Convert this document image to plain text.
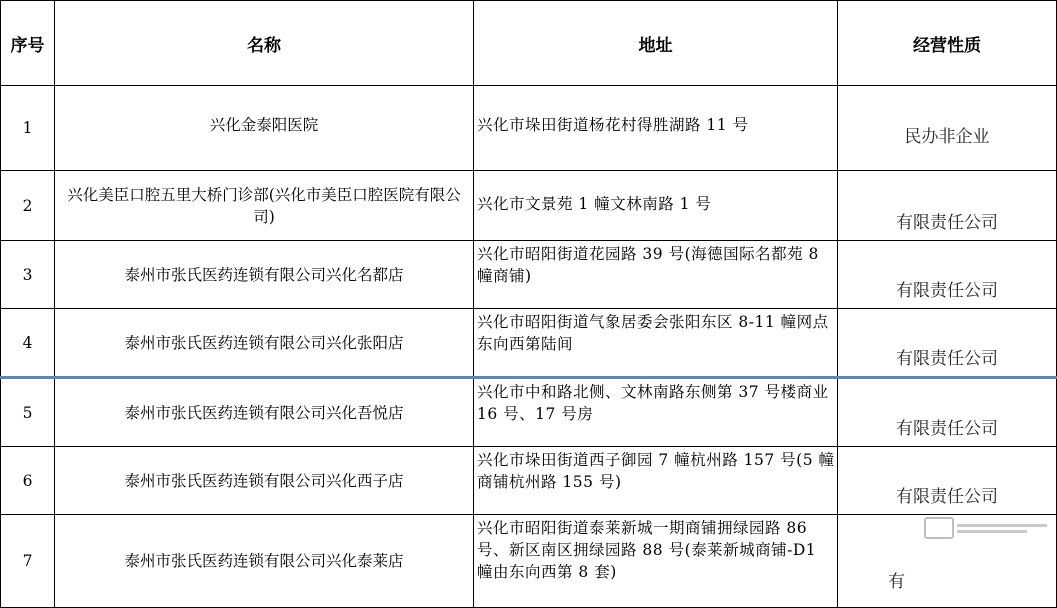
序号	名称	地址	经营性质
1	兴化金泰阳医院	兴化市垛田街道杨花村得胜湖路 11 号	民办非企业
2	兴化美臣口腔五里大桥门诊部(兴化市美臣口腔医院有限公司)	兴化市文景苑 1 幢文林南路 1 号	有限责任公司
3	泰州市张氏医药连锁有限公司兴化名都店	兴化市昭阳街道花园路 39 号(海德国际名都苑 8 幢商铺)	有限责任公司
4	泰州市张氏医药连锁有限公司兴化张阳店	兴化市昭阳街道气象居委会张阳东区 8-11 幢网点东向西第陆间	有限责任公司
5	泰州市张氏医药连锁有限公司兴化吾悦店	兴化市中和路北侧、文林南路东侧第 37 号楼商业 16 号、17 号房	有限责任公司
6	泰州市张氏医药连锁有限公司兴化西子店	兴化市垛田街道西子御园 7 幢杭州路 157 号(5 幢商铺杭州路 155 号)	有限责任公司
7	泰州市张氏医药连锁有限公司兴化泰莱店	兴化市昭阳街道泰莱新城一期商铺拥绿园路 86 号、新区南区拥绿园路 88 号(泰莱新城商铺-D1 幢由东向西第 8 套)	有
